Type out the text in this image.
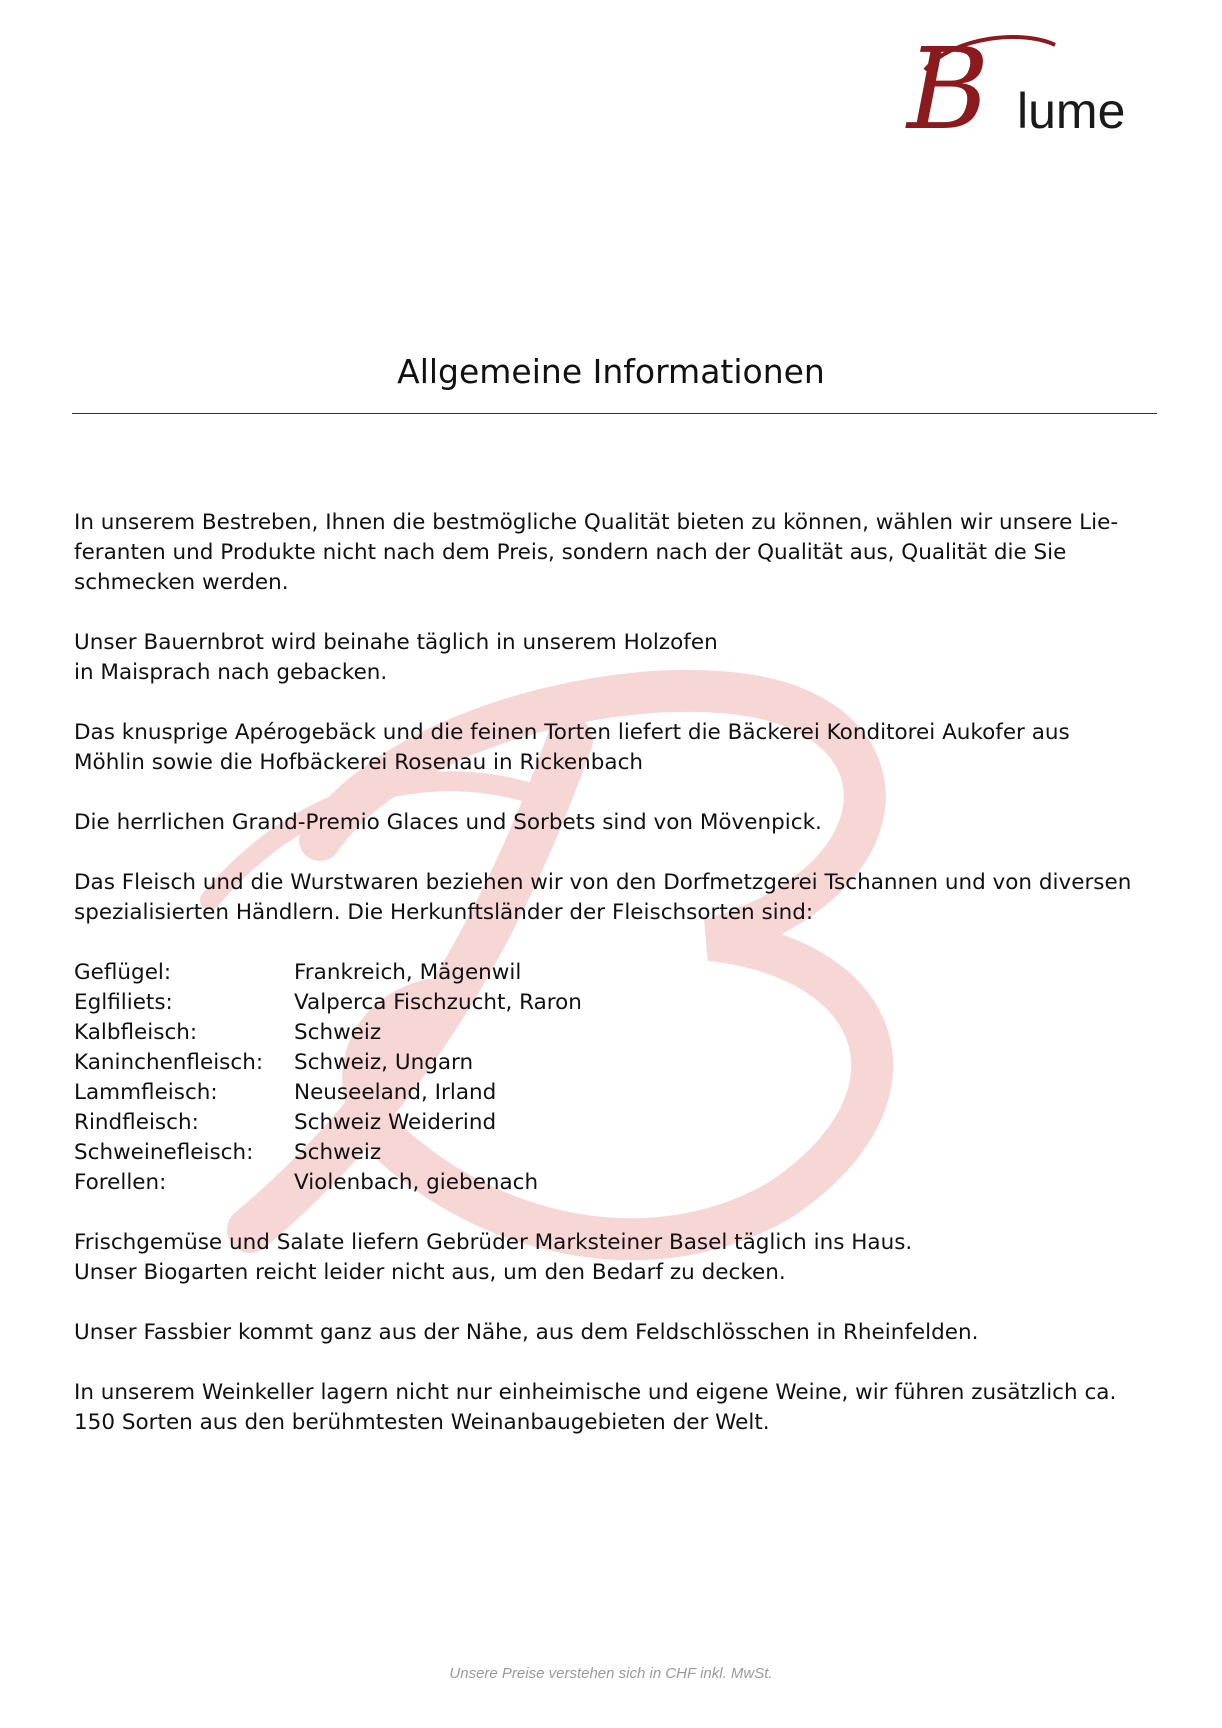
B lume
Allgemeine Informationen

In unserem Bestreben, Ihnen die bestmögliche Qualität bieten zu können, wählen wir unsere Lie-
feranten und Produkte nicht nach dem Preis, sondern nach der Qualität aus, Qualität die Sie
schmecken werden.

Unser Bauernbrot wird beinahe täglich in unserem Holzofen
in Maisprach nach gebacken.

Das knusprige Apérogebäck und die feinen Torten liefert die Bäckerei Konditorei Aukofer aus
Möhlin sowie die Hofbäckerei Rosenau in Rickenbach

Die herrlichen Grand-Premio Glaces und Sorbets sind von Mövenpick.

Das Fleisch und die Wurstwaren beziehen wir von den Dorfmetzgerei Tschannen und von diversen
spezialisierten Händlern. Die Herkunftsländer der Fleischsorten sind:

Geflügel:	Frankreich, Mägenwil
Eglfiliets:	Valperca Fischzucht, Raron
Kalbfleisch:	Schweiz
Kaninchenfleisch:	Schweiz, Ungarn
Lammfleisch:	Neuseeland, Irland
Rindfleisch:	Schweiz Weiderind
Schweinefleisch:	Schweiz
Forellen:	Violenbach, giebenach

Frischgemüse und Salate liefern Gebrüder Marksteiner Basel täglich ins Haus.
Unser Biogarten reicht leider nicht aus, um den Bedarf zu decken.

Unser Fassbier kommt ganz aus der Nähe, aus dem Feldschlösschen in Rheinfelden.

In unserem Weinkeller lagern nicht nur einheimische und eigene Weine, wir führen zusätzlich ca.
150 Sorten aus den berühmtesten Weinanbaugebieten der Welt.

Unsere Preise verstehen sich in CHF inkl. MwSt.
